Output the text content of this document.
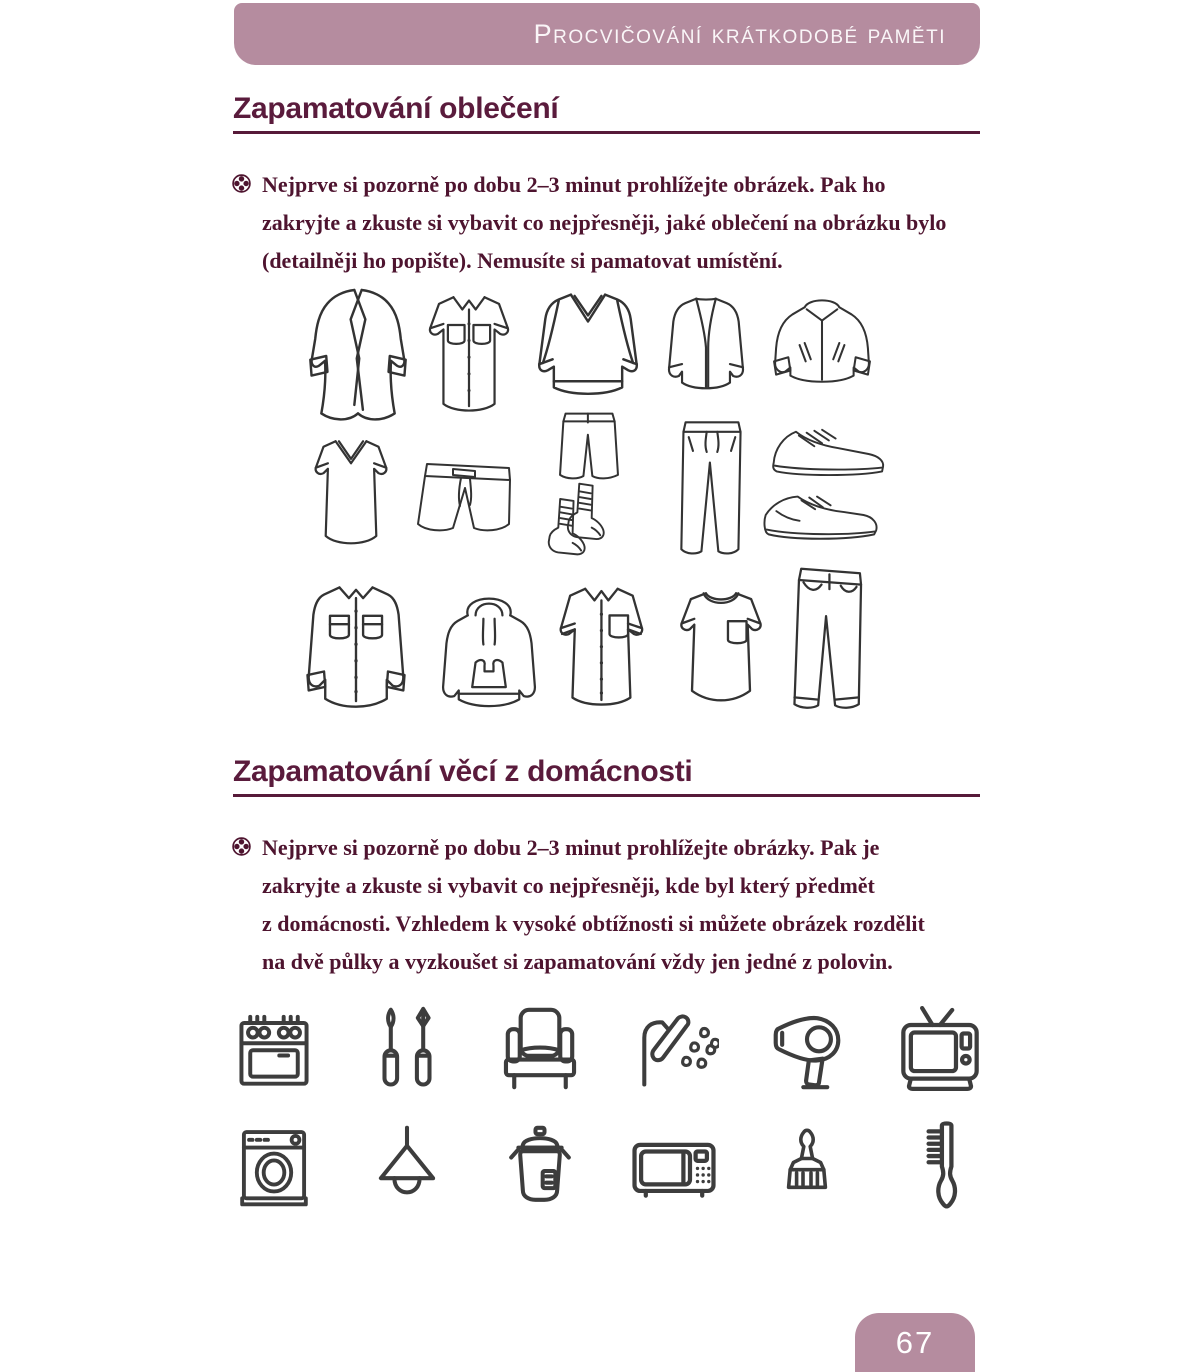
Procvičování krátkodobé paměti
Zapamatování oblečení
Nejprve si pozorně po dobu 2–3 minut prohlížejte obrázek. Pak ho
zakryjte a zkuste si vybavit co nejpřesněji, jaké oblečení na obrázku bylo
(detailněji ho popište). Nemusíte si pamatovat umístění.
Zapamatování věcí z domácnosti
Nejprve si pozorně po dobu 2–3 minut prohlížejte obrázky. Pak je
zakryjte a zkuste si vybavit co nejpřesněji, kde byl který předmět
z domácnosti. Vzhledem k vysoké obtížnosti si můžete obrázek rozdělit
na dvě půlky a vyzkoušet si zapamatování vždy jen jedné z polovin.
67
